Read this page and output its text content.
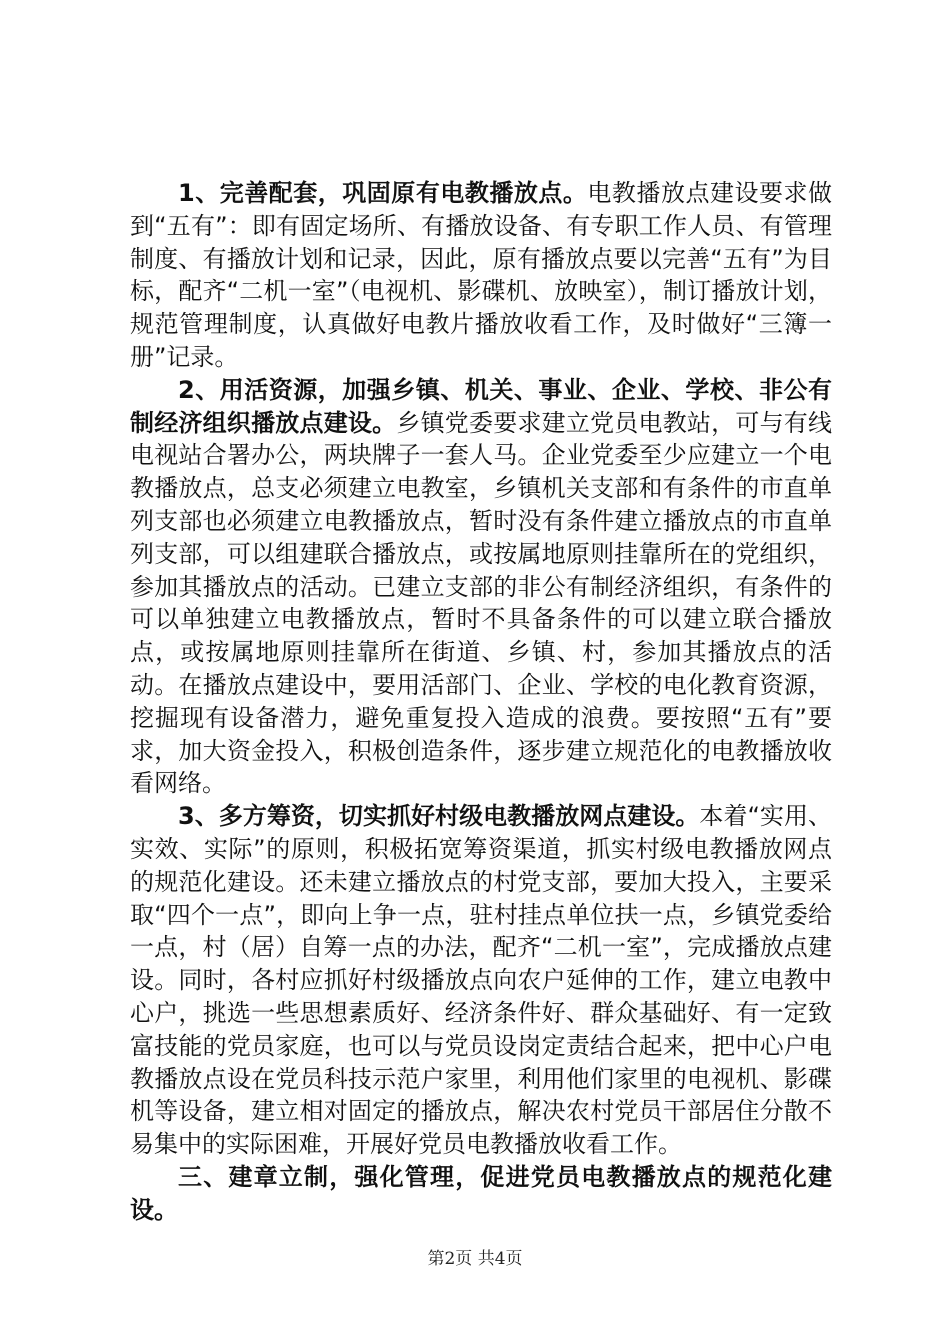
1、完善配套，巩固原有电教播放点。电教播放点建设要求做到“五有”：即有固定场所、有播放设备、有专职工作人员、有管理制度、有播放计划和记录，因此，原有播放点要以完善“五有”为目标，配齐“二机一室”（电视机、影碟机、放映室），制订播放计划，规范管理制度，认真做好电教片播放收看工作，及时做好“三簿一册”记录。

2、用活资源，加强乡镇、机关、事业、企业、学校、非公有制经济组织播放点建设。乡镇党委要求建立党员电教站，可与有线电视站合署办公，两块牌子一套人马。企业党委至少应建立一个电教播放点，总支必须建立电教室，乡镇机关支部和有条件的市直单列支部也必须建立电教播放点，暂时没有条件建立播放点的市直单列支部，可以组建联合播放点，或按属地原则挂靠所在的党组织，参加其播放点的活动。已建立支部的非公有制经济组织，有条件的可以单独建立电教播放点，暂时不具备条件的可以建立联合播放点，或按属地原则挂靠所在街道、乡镇、村，参加其播放点的活动。在播放点建设中，要用活部门、企业、学校的电化教育资源，挖掘现有设备潜力，避免重复投入造成的浪费。要按照“五有”要求，加大资金投入，积极创造条件，逐步建立规范化的电教播放收看网络。

3、多方筹资，切实抓好村级电教播放网点建设。本着“实用、实效、实际”的原则，积极拓宽筹资渠道，抓实村级电教播放网点的规范化建设。还未建立播放点的村党支部，要加大投入，主要采取“四个一点”，即向上争一点，驻村挂点单位扶一点，乡镇党委给一点，村（居）自筹一点的办法，配齐“二机一室”，完成播放点建设。同时，各村应抓好村级播放点向农户延伸的工作，建立电教中心户，挑选一些思想素质好、经济条件好、群众基础好、有一定致富技能的党员家庭，也可以与党员设岗定责结合起来，把中心户电教播放点设在党员科技示范户家里，利用他们家里的电视机、影碟机等设备，建立相对固定的播放点，解决农村党员干部居住分散不易集中的实际困难，开展好党员电教播放收看工作。

三、建章立制，强化管理，促进党员电教播放点的规范化建设。

第2页 共4页
